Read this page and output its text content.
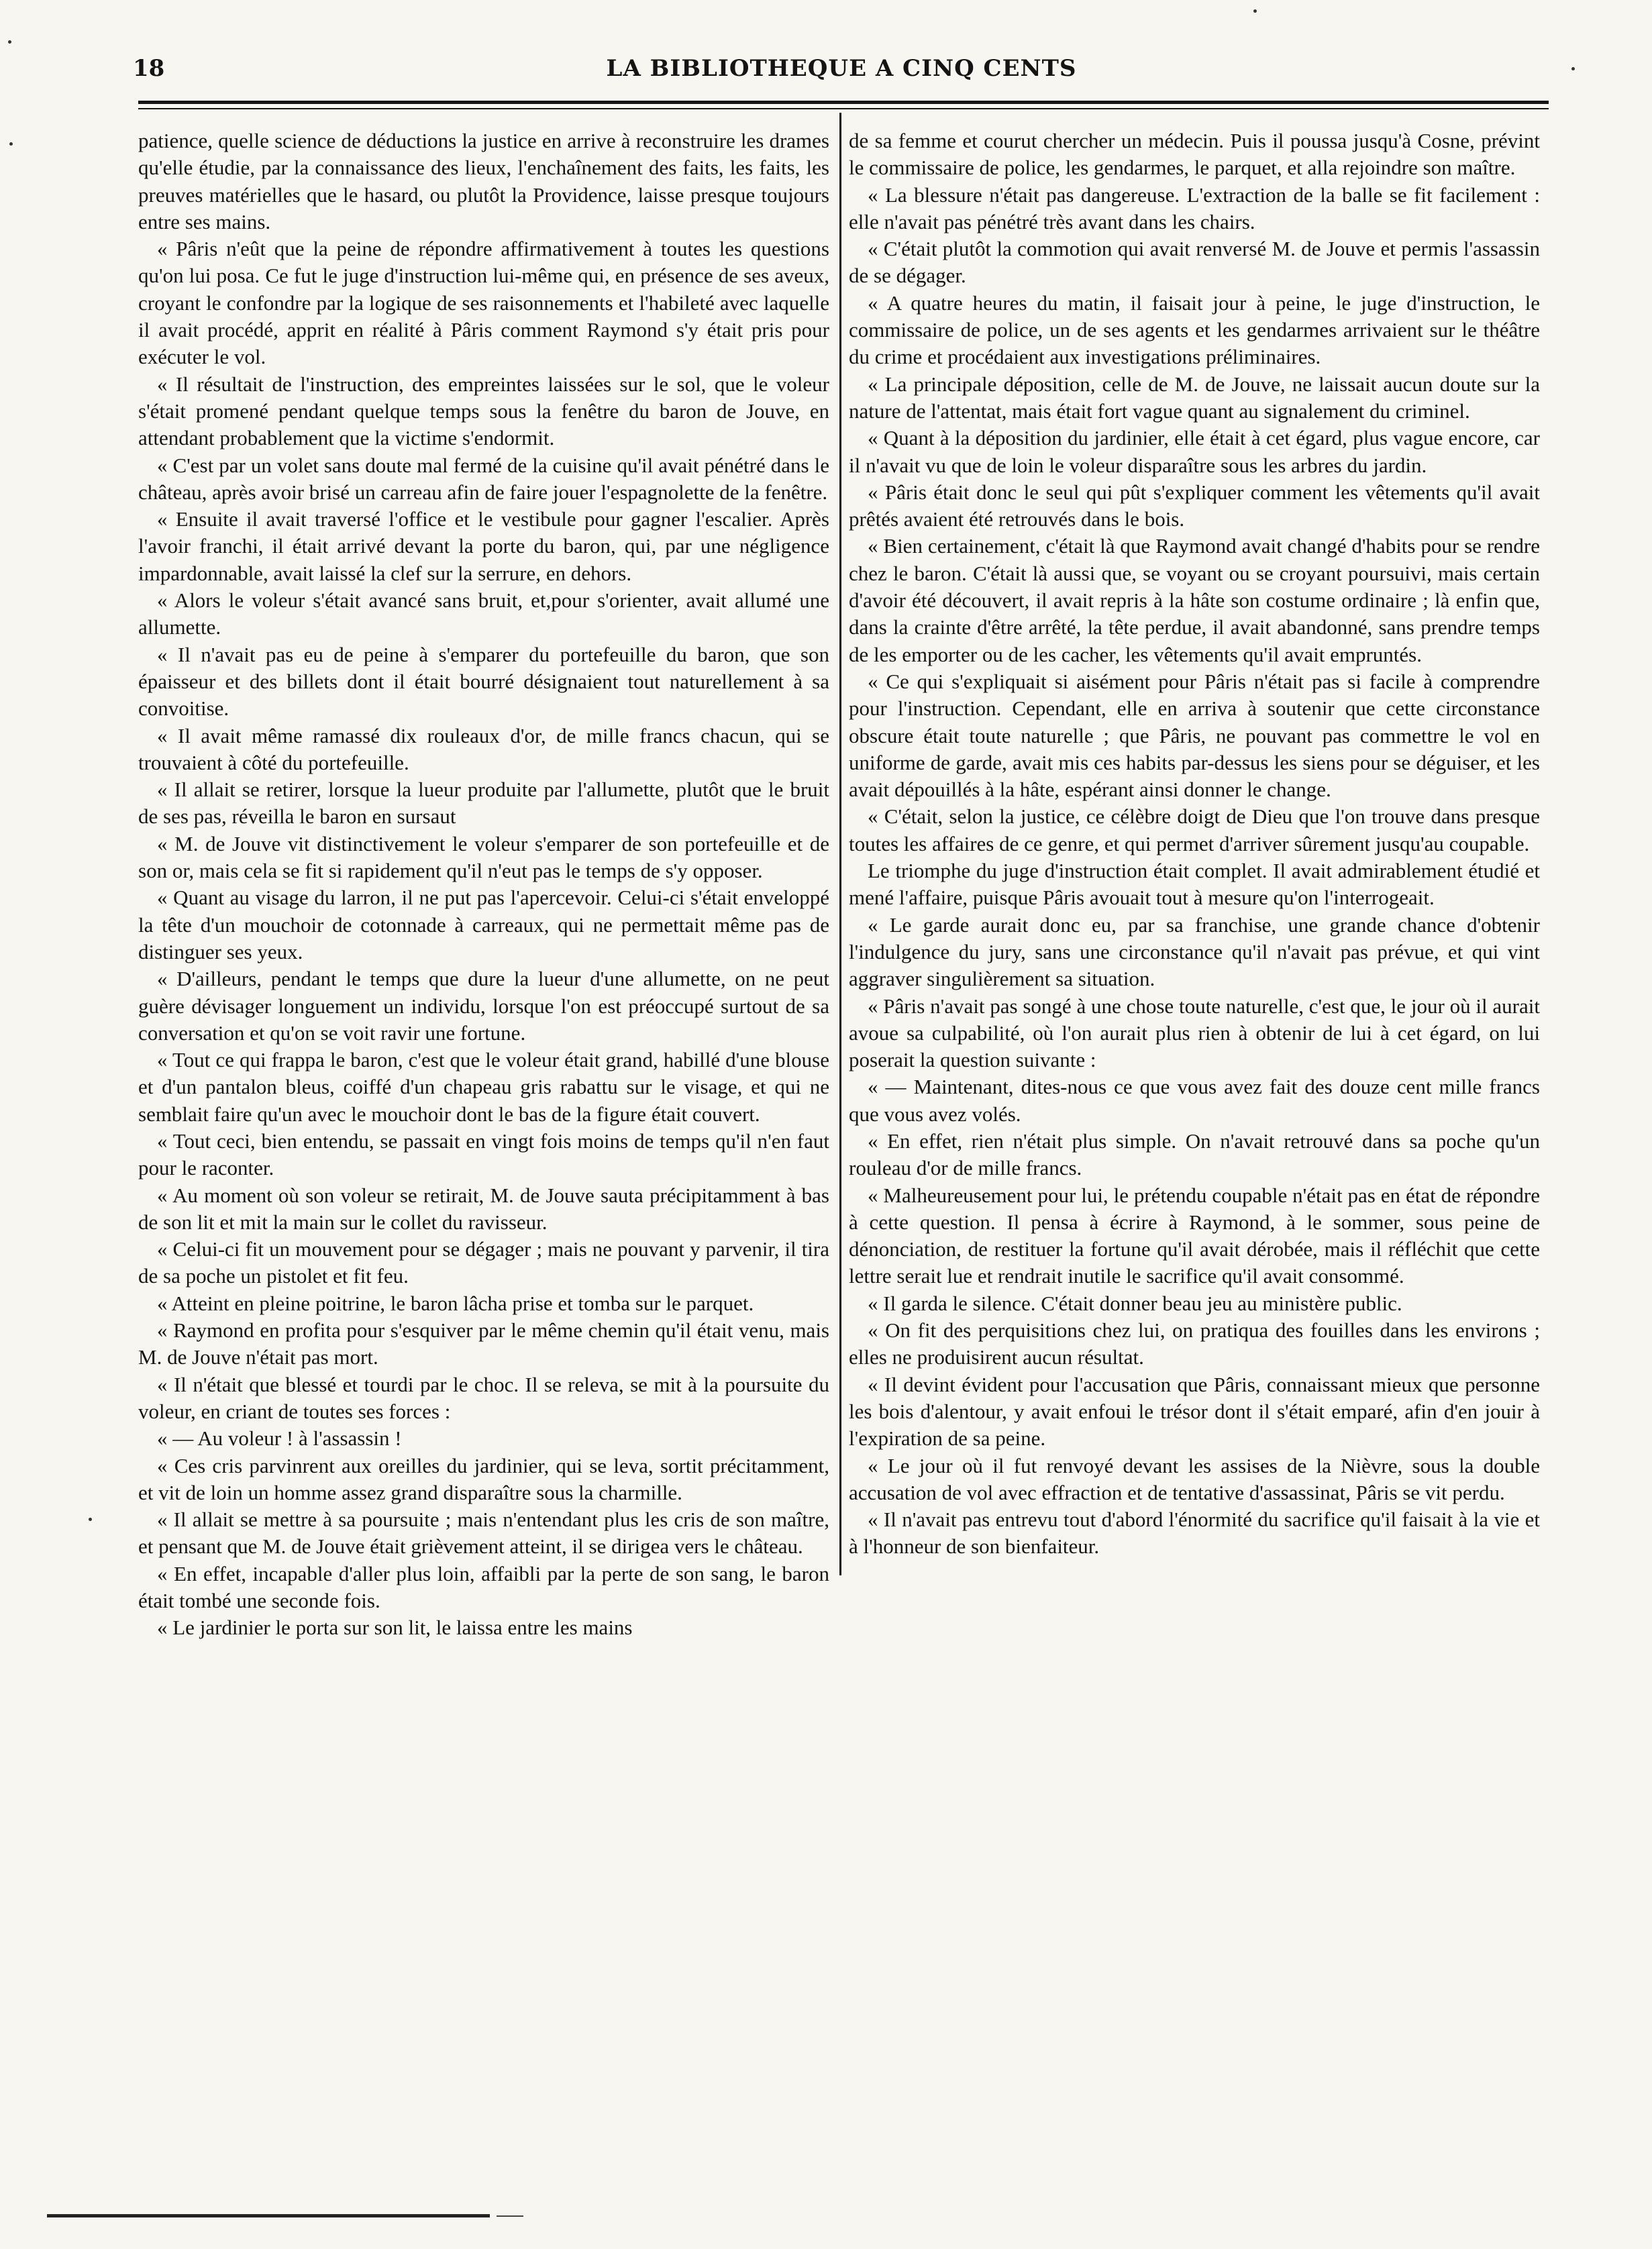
18	LA BIBLIOTHEQUE A CINQ CENTS

patience, quelle science de déductions la justice en arrive à reconstruire les drames qu'elle étudie, par la connaissance des lieux, l'enchaînement des faits, les faits, les preuves matérielles que le hasard, ou plutôt la Providence, laisse presque toujours entre ses mains.

« Pâris n'eût que la peine de répondre affirmativement à toutes les questions qu'on lui posa. Ce fut le juge d'instruction lui-même qui, en présence de ses aveux, croyant le confondre par la logique de ses raisonnements et l'habileté avec laquelle il avait procédé, apprit en réalité à Pâris comment Raymond s'y était pris pour exécuter le vol.

« Il résultait de l'instruction, des empreintes laissées sur le sol, que le voleur s'était promené pendant quelque temps sous la fenêtre du baron de Jouve, en attendant probablement que la victime s'endormit.

« C'est par un volet sans doute mal fermé de la cuisine qu'il avait pénétré dans le château, après avoir brisé un carreau afin de faire jouer l'espagnolette de la fenêtre.

« Ensuite il avait traversé l'office et le vestibule pour gagner l'escalier. Après l'avoir franchi, il était arrivé devant la porte du baron, qui, par une négligence impardonnable, avait laissé la clef sur la serrure, en dehors.

« Alors le voleur s'était avancé sans bruit, et,pour s'orienter, avait allumé une allumette.

« Il n'avait pas eu de peine à s'emparer du portefeuille du baron, que son épaisseur et des billets dont il était bourré désignaient tout naturellement à sa convoitise.

« Il avait même ramassé dix rouleaux d'or, de mille francs chacun, qui se trouvaient à côté du portefeuille.

« Il allait se retirer, lorsque la lueur produite par l'allumette, plutôt que le bruit de ses pas, réveilla le baron en sursaut

« M. de Jouve vit distinctivement le voleur s'emparer de son portefeuille et de son or, mais cela se fit si rapidement qu'il n'eut pas le temps de s'y opposer.

« Quant au visage du larron, il ne put pas l'apercevoir. Celui-ci s'était enveloppé la tête d'un mouchoir de cotonnade à carreaux, qui ne permettait même pas de distinguer ses yeux.

« D'ailleurs, pendant le temps que dure la lueur d'une allumette, on ne peut guère dévisager longuement un individu, lorsque l'on est préoccupé surtout de sa conversation et qu'on se voit ravir une fortune.

« Tout ce qui frappa le baron, c'est que le voleur était grand, habillé d'une blouse et d'un pantalon bleus, coiffé d'un chapeau gris rabattu sur le visage, et qui ne semblait faire qu'un avec le mouchoir dont le bas de la figure était couvert.

« Tout ceci, bien entendu, se passait en vingt fois moins de temps qu'il n'en faut pour le raconter.

« Au moment où son voleur se retirait, M. de Jouve sauta précipitamment à bas de son lit et mit la main sur le collet du ravisseur.

« Celui-ci fit un mouvement pour se dégager ; mais ne pouvant y parvenir, il tira de sa poche un pistolet et fit feu.

« Atteint en pleine poitrine, le baron lâcha prise et tomba sur le parquet.

« Raymond en profita pour s'esquiver par le même chemin qu'il était venu, mais M. de Jouve n'était pas mort.

« Il n'était que blessé et tourdi par le choc. Il se releva, se mit à la poursuite du voleur, en criant de toutes ses forces :

« — Au voleur ! à l'assassin !

« Ces cris parvinrent aux oreilles du jardinier, qui se leva, sortit précitamment, et vit de loin un homme assez grand disparaître sous la charmille.

« Il allait se mettre à sa poursuite ; mais n'entendant plus les cris de son maître, et pensant que M. de Jouve était grièvement atteint, il se dirigea vers le château.

« En effet, incapable d'aller plus loin, affaibli par la perte de son sang, le baron était tombé une seconde fois.

« Le jardinier le porta sur son lit, le laissa entre les mains

de sa femme et courut chercher un médecin. Puis il poussa jusqu'à Cosne, prévint le commissaire de police, les gendarmes, le parquet, et alla rejoindre son maître.

« La blessure n'était pas dangereuse. L'extraction de la balle se fit facilement : elle n'avait pas pénétré très avant dans les chairs.

« C'était plutôt la commotion qui avait renversé M. de Jouve et permis l'assassin de se dégager.

« A quatre heures du matin, il faisait jour à peine, le juge d'instruction, le commissaire de police, un de ses agents et les gendarmes arrivaient sur le théâtre du crime et procédaient aux investigations préliminaires.

« La principale déposition, celle de M. de Jouve, ne laissait aucun doute sur la nature de l'attentat, mais était fort vague quant au signalement du criminel.

« Quant à la déposition du jardinier, elle était à cet égard, plus vague encore, car il n'avait vu que de loin le voleur disparaître sous les arbres du jardin.

« Pâris était donc le seul qui pût s'expliquer comment les vêtements qu'il avait prêtés avaient été retrouvés dans le bois.

« Bien certainement, c'était là que Raymond avait changé d'habits pour se rendre chez le baron. C'était là aussi que, se voyant ou se croyant poursuivi, mais certain d'avoir été découvert, il avait repris à la hâte son costume ordinaire ; là enfin que, dans la crainte d'être arrêté, la tête perdue, il avait abandonné, sans prendre temps de les emporter ou de les cacher, les vêtements qu'il avait empruntés.

« Ce qui s'expliquait si aisément pour Pâris n'était pas si facile à comprendre pour l'instruction. Cependant, elle en arriva à soutenir que cette circonstance obscure était toute naturelle ; que Pâris, ne pouvant pas commettre le vol en uniforme de garde, avait mis ces habits par-dessus les siens pour se déguiser, et les avait dépouillés à la hâte, espérant ainsi donner le change.

« C'était, selon la justice, ce célèbre doigt de Dieu que l'on trouve dans presque toutes les affaires de ce genre, et qui permet d'arriver sûrement jusqu'au coupable.

Le triomphe du juge d'instruction était complet. Il avait admirablement étudié et mené l'affaire, puisque Pâris avouait tout à mesure qu'on l'interrogeait.

« Le garde aurait donc eu, par sa franchise, une grande chance d'obtenir l'indulgence du jury, sans une circonstance qu'il n'avait pas prévue, et qui vint aggraver singulièrement sa situation.

« Pâris n'avait pas songé à une chose toute naturelle, c'est que, le jour où il aurait avoue sa culpabilité, où l'on aurait plus rien à obtenir de lui à cet égard, on lui poserait la question suivante :

« — Maintenant, dites-nous ce que vous avez fait des douze cent mille francs que vous avez volés.

« En effet, rien n'était plus simple. On n'avait retrouvé dans sa poche qu'un rouleau d'or de mille francs.

« Malheureusement pour lui, le prétendu coupable n'était pas en état de répondre à cette question. Il pensa à écrire à Raymond, à le sommer, sous peine de dénonciation, de restituer la fortune qu'il avait dérobée, mais il réfléchit que cette lettre serait lue et rendrait inutile le sacrifice qu'il avait consommé.

« Il garda le silence. C'était donner beau jeu au ministère public.

« On fit des perquisitions chez lui, on pratiqua des fouilles dans les environs ; elles ne produisirent aucun résultat.

« Il devint évident pour l'accusation que Pâris, connaissant mieux que personne les bois d'alentour, y avait enfoui le trésor dont il s'était emparé, afin d'en jouir à l'expiration de sa peine.

« Le jour où il fut renvoyé devant les assises de la Nièvre, sous la double accusation de vol avec effraction et de tentative d'assassinat, Pâris se vit perdu.

« Il n'avait pas entrevu tout d'abord l'énormité du sacrifice qu'il faisait à la vie et à l'honneur de son bienfaiteur.
